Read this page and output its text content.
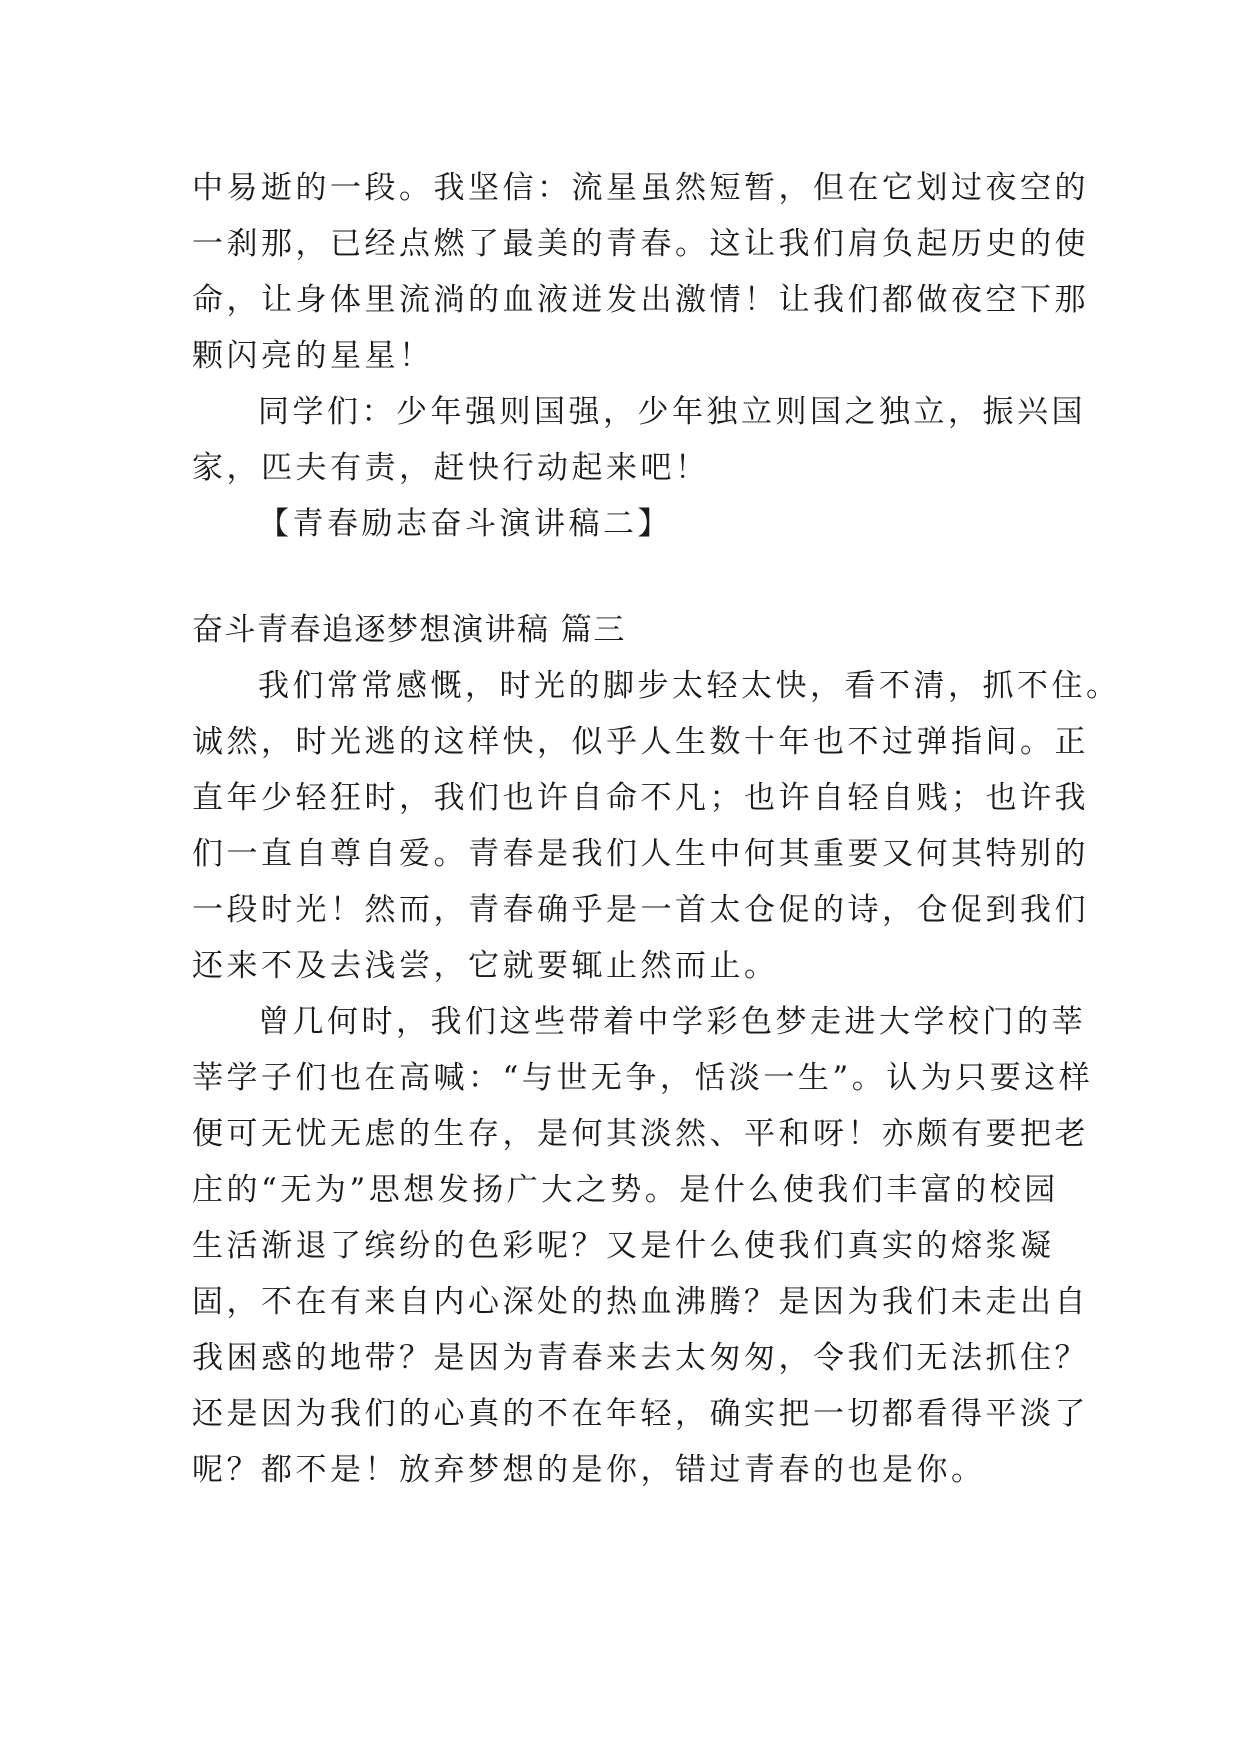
中易逝的一段。我坚信：流星虽然短暂，但在它划过夜空的
一刹那，已经点燃了最美的青春。这让我们肩负起历史的使
命，让身体里流淌的血液迸发出激情！让我们都做夜空下那
颗闪亮的星星！
同学们：少年强则国强，少年独立则国之独立，振兴国
家，匹夫有责，赶快行动起来吧！
【青春励志奋斗演讲稿二】
奋斗青春追逐梦想演讲稿 篇三
我们常常感慨，时光的脚步太轻太快，看不清，抓不住。
诚然，时光逃的这样快，似乎人生数十年也不过弹指间。正
直年少轻狂时，我们也许自命不凡；也许自轻自贱；也许我
们一直自尊自爱。青春是我们人生中何其重要又何其特别的
一段时光！然而，青春确乎是一首太仓促的诗，仓促到我们
还来不及去浅尝，它就要辄止然而止。
曾几何时，我们这些带着中学彩色梦走进大学校门的莘
莘学子们也在高喊：“与世无争，恬淡一生”。认为只要这样
便可无忧无虑的生存，是何其淡然、平和呀！亦颇有要把老
庄的“无为”思想发扬广大之势。是什么使我们丰富的校园
生活渐退了缤纷的色彩呢？又是什么使我们真实的熔浆凝
固，不在有来自内心深处的热血沸腾？是因为我们未走出自
我困惑的地带？是因为青春来去太匆匆，令我们无法抓住？
还是因为我们的心真的不在年轻，确实把一切都看得平淡了
呢？都不是！放弃梦想的是你，错过青春的也是你。
